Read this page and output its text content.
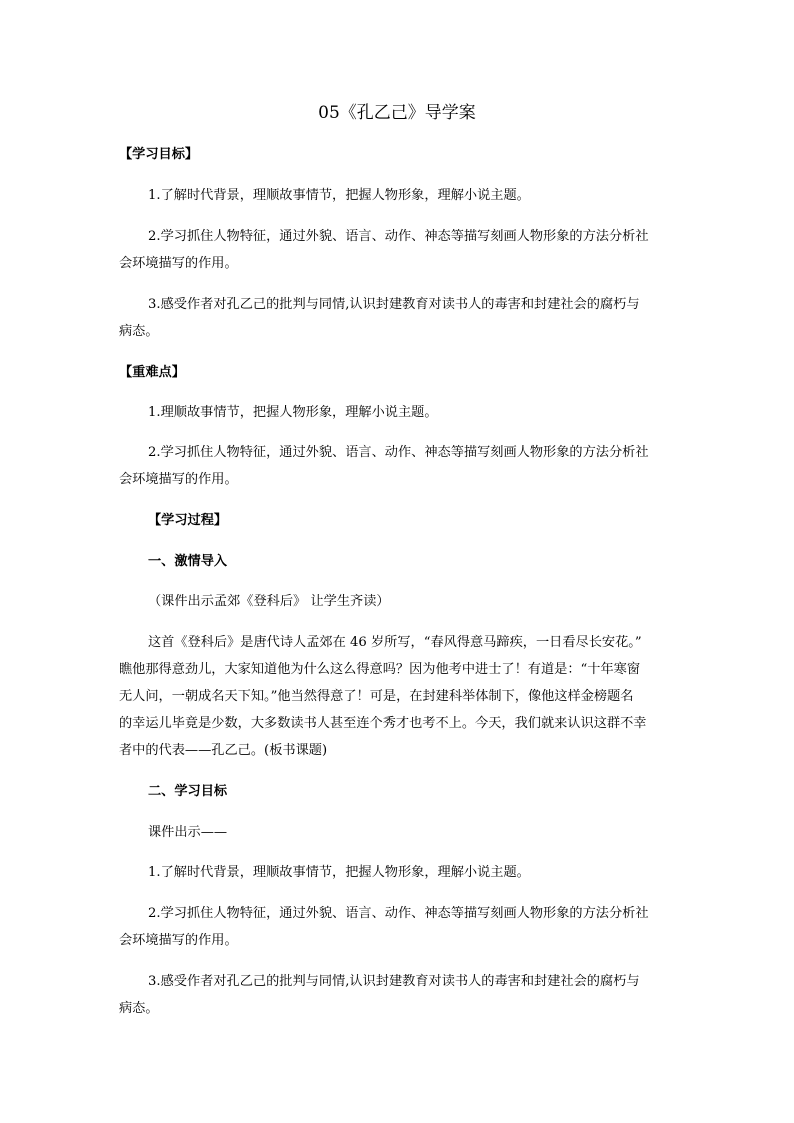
05《孔乙己》导学案
【学习目标】
1.了解时代背景，理顺故事情节，把握人物形象，理解小说主题。
2.学习抓住人物特征，通过外貌、语言、动作、神态等描写刻画人物形象的方法分析社
会环境描写的作用。
3.感受作者对孔乙己的批判与同情,认识封建教育对读书人的毒害和封建社会的腐朽与
病态。
【重难点】
1.理顺故事情节，把握人物形象，理解小说主题。
2.学习抓住人物特征，通过外貌、语言、动作、神态等描写刻画人物形象的方法分析社
会环境描写的作用。
【学习过程】
一、激情导入
（课件出示孟郊《登科后》 让学生齐读）
这首《登科后》是唐代诗人孟郊在 46 岁所写，“春风得意马蹄疾，一日看尽长安花。”
瞧他那得意劲儿，大家知道他为什么这么得意吗？因为他考中进士了！有道是：“十年寒窗
无人问，一朝成名天下知。”他当然得意了！可是，在封建科举体制下，像他这样金榜题名
的幸运儿毕竟是少数，大多数读书人甚至连个秀才也考不上。今天，我们就来认识这群不幸
者中的代表——孔乙己。(板书课题)
二、学习目标
课件出示——
1.了解时代背景，理顺故事情节，把握人物形象，理解小说主题。
2.学习抓住人物特征，通过外貌、语言、动作、神态等描写刻画人物形象的方法分析社
会环境描写的作用。
3.感受作者对孔乙己的批判与同情,认识封建教育对读书人的毒害和封建社会的腐朽与
病态。
